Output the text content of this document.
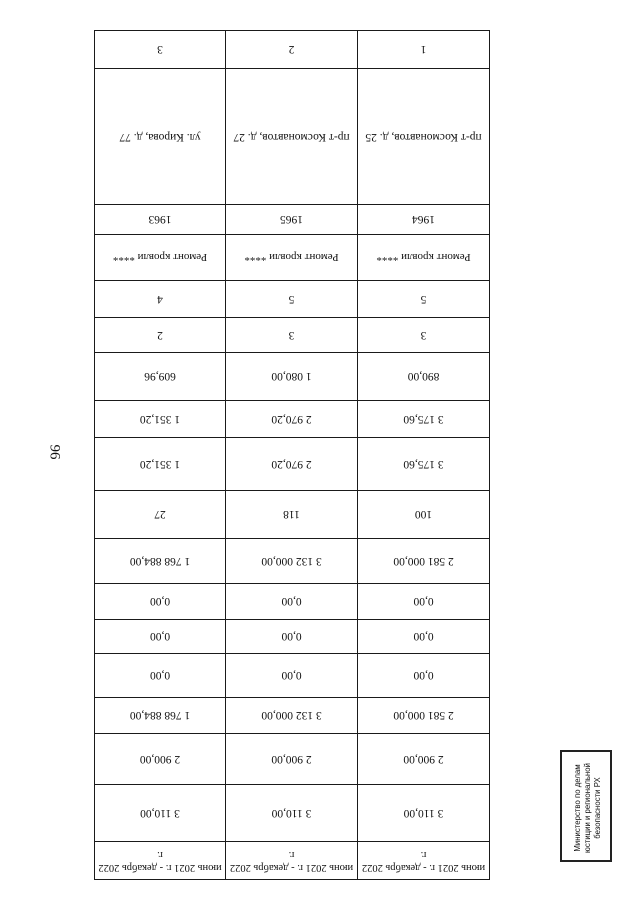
96
июнь 2021 г. - декабрь 2022 г.	июнь 2021 г. - декабрь 2022 г.	июнь 2021 г. - декабрь 2022 г.
3 110,00	3 110,00	3 110,00
2 900,00	2 900,00	2 900,00
2 581 000,00	3 132 000,00	1 768 884,00
0,00	0,00	0,00
0,00	0,00	0,00
0,00	0,00	0,00
2 581 000,00	3 132 000,00	1 768 884,00
100	118	27
3 175,60	2 970,20	1 351,20
3 175,60	2 970,20	1 351,20
890,00	1 080,00	609,96
3	3	2
5	5	4
Ремонт кровли ****	Ремонт кровли ****	Ремонт кровли ****
1964	1965	1963
пр-т Космонавтов, д. 25	пр-т Космонавтов, д. 27	ул. Кирова, д. 77
1	2	3
Министерство по делам юстиции и региональной безопасности РХ
